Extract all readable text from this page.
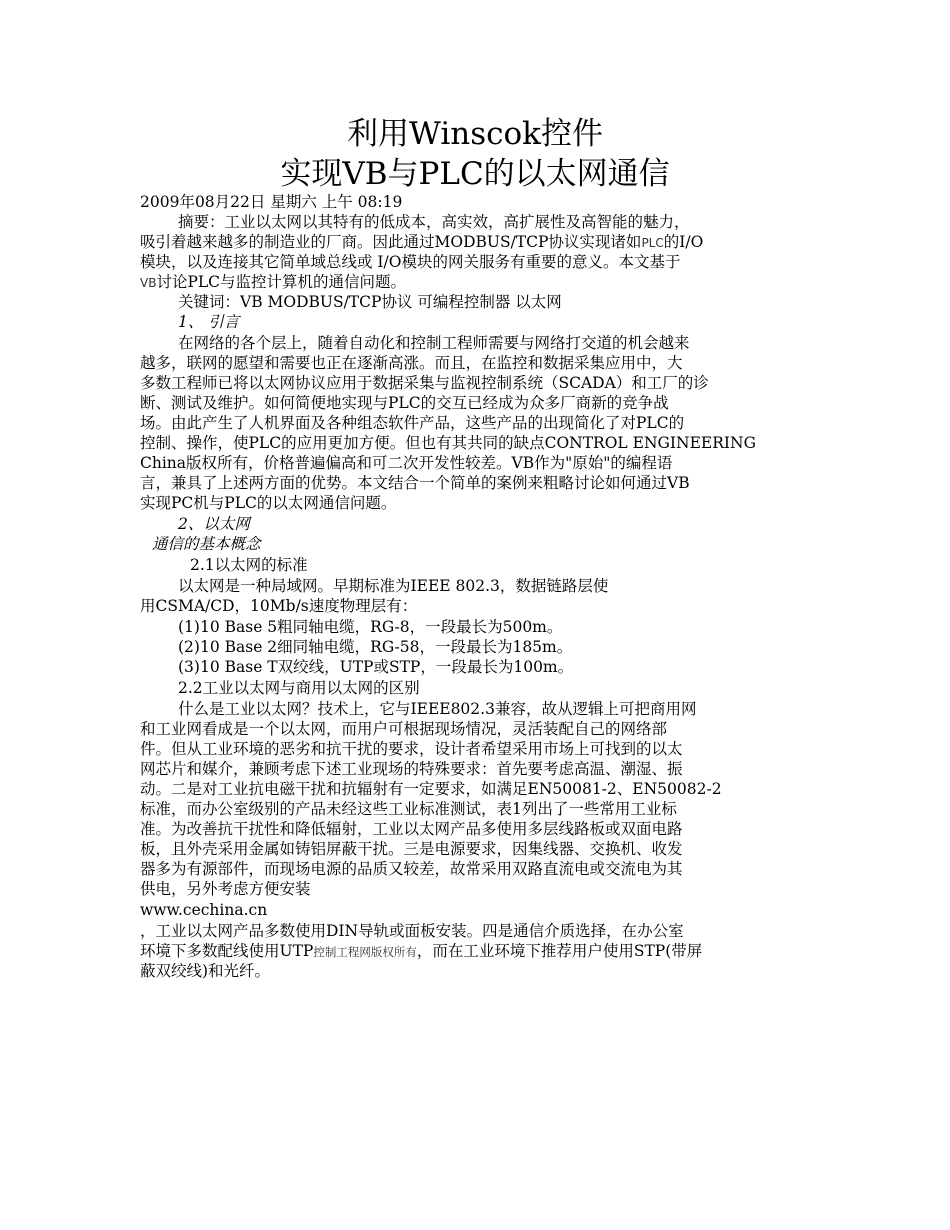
利用Winscok控件
实现VB与PLC的以太网通信
2009年08月22日 星期六 上午 08:19
摘要：工业以太网以其特有的低成本，高实效，高扩展性及高智能的魅力，
吸引着越来越多的制造业的厂商。因此通过MODBUS/TCP协议实现诸如PLC的I/O
模块，以及连接其它简单域总线或 I/O模块的网关服务有重要的意义。本文基于
VB讨论PLC与监控计算机的通信问题。
关键词：VB MODBUS/TCP协议 可编程控制器 以太网
1、 引言
在网络的各个层上，随着自动化和控制工程师需要与网络打交道的机会越来
越多，联网的愿望和需要也正在逐渐高涨。而且，在监控和数据采集应用中，大
多数工程师已将以太网协议应用于数据采集与监视控制系统（SCADA）和工厂的诊
断、测试及维护。如何简便地实现与PLC的交互已经成为众多厂商新的竞争战
场。由此产生了人机界面及各种组态软件产品，这些产品的出现简化了对PLC的
控制、操作，使PLC的应用更加方便。但也有其共同的缺点CONTROL ENGINEERING
China版权所有，价格普遍偏高和可二次开发性较差。VB作为"原始"的编程语
言，兼具了上述两方面的优势。本文结合一个简单的案例来粗略讨论如何通过VB
实现PC机与PLC的以太网通信问题。
2、以太网
通信的基本概念
2.1以太网的标准
以太网是一种局域网。早期标准为IEEE 802.3，数据链路层使
用CSMA/CD，10Mb/s速度物理层有：
(1)10 Base 5粗同轴电缆，RG-8，一段最长为500m。
(2)10 Base 2细同轴电缆，RG-58，一段最长为185m。
(3)10 Base T双绞线，UTP或STP，一段最长为100m。
2.2工业以太网与商用以太网的区别
什么是工业以太网？技术上，它与IEEE802.3兼容，故从逻辑上可把商用网
和工业网看成是一个以太网，而用户可根据现场情况，灵活装配自己的网络部
件。但从工业环境的恶劣和抗干扰的要求，设计者希望采用市场上可找到的以太
网芯片和媒介，兼顾考虑下述工业现场的特殊要求：首先要考虑高温、潮湿、振
动。二是对工业抗电磁干扰和抗辐射有一定要求，如满足EN50081-2、EN50082-2
标准，而办公室级别的产品未经这些工业标准测试，表1列出了一些常用工业标
准。为改善抗干扰性和降低辐射，工业以太网产品多使用多层线路板或双面电路
板，且外壳采用金属如铸铝屏蔽干扰。三是电源要求，因集线器、交换机、收发
器多为有源部件，而现场电源的品质又较差，故常采用双路直流电或交流电为其
供电，另外考虑方便安装
www.cechina.cn
，工业以太网产品多数使用DIN导轨或面板安装。四是通信介质选择，在办公室
环境下多数配线使用UTP控制工程网版权所有，而在工业环境下推荐用户使用STP(带屏
蔽双绞线)和光纤。
